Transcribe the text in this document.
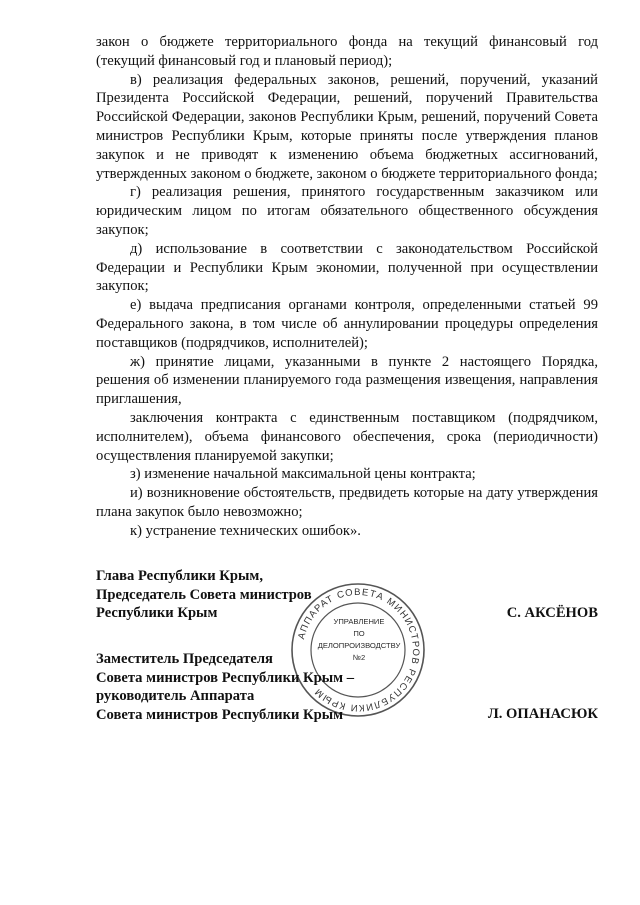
закон о бюджете территориального фонда на текущий финансовый год (текущий финансовый год и плановый период);

в) реализация федеральных законов, решений, поручений, указаний Президента Российской Федерации, решений, поручений Правительства Российской Федерации, законов Республики Крым, решений, поручений Совета министров Республики Крым, которые приняты после утверждения планов закупок и не приводят к изменению объема бюджетных ассигнований, утвержденных законом о бюджете, законом о бюджете территориального фонда;

г) реализация решения, принятого государственным заказчиком или юридическим лицом по итогам обязательного общественного обсуждения закупок;

д) использование в соответствии с законодательством Российской Федерации и Республики Крым экономии, полученной при осуществлении закупок;

е) выдача предписания органами контроля, определенными статьей 99 Федерального закона, в том числе об аннулировании процедуры определения поставщиков (подрядчиков, исполнителей);

ж) принятие лицами, указанными в пункте 2 настоящего Порядка, решения об изменении планируемого года размещения извещения, направления приглашения,

заключения контракта с единственным поставщиком (подрядчиком, исполнителем), объема финансового обеспечения, срока (периодичности) осуществления планируемой закупки;

з) изменение начальной максимальной цены контракта;

и) возникновение обстоятельств, предвидеть которые на дату утверждения плана закупок было невозможно;

к) устранение технических ошибок».

Глава Республики Крым,
Председатель Совета министров
Республики Крым	С. АКСЁНОВ
АППАРАТ СОВЕТА МИНИСТРОВ РЕСПУБЛИКИ КРЫМ
УПРАВЛЕНИЕ
ПО
ДЕЛОПРОИЗВОДСТВУ
№2
Заместитель Председателя
Совета министров Республики Крым –
руководитель Аппарата
Совета министров Республики Крым	Л. ОПАНАСЮК
